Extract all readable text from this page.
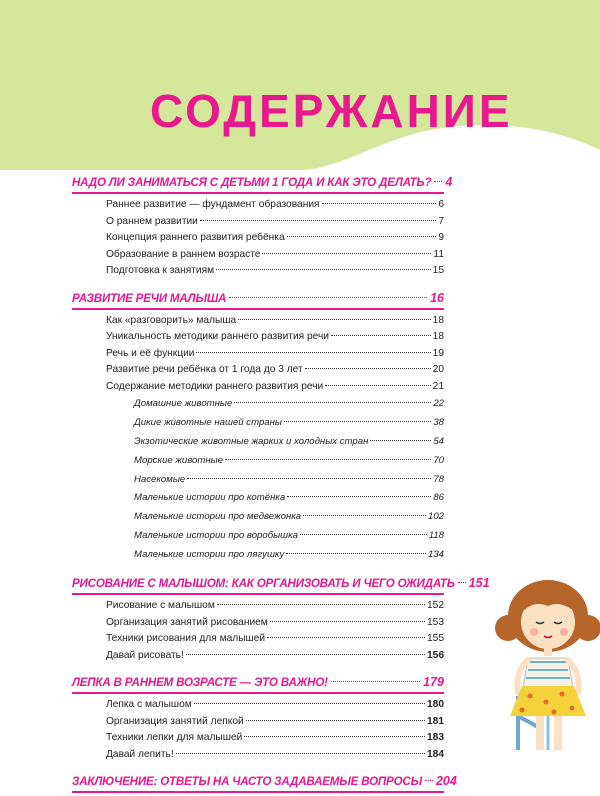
СОДЕРЖАНИЕ
НАДО ЛИ ЗАНИМАТЬСЯ С ДЕТЬМИ 1 ГОДА И КАК ЭТО ДЕЛАТЬ? 4
Раннее развитие — фундамент образования	6
О раннем развитии	7
Концепция раннего развития ребёнка	9
Образование в раннем возрасте	11
Подготовка к занятиям	15
РАЗВИТИЕ РЕЧИ МАЛЫША	16
Как «разговорить» малыша	18
Уникальность методики раннего развития речи	18
Речь и её функции	19
Развитие речи ребёнка от 1 года до 3 лет	20
Содержание методики раннего развития речи	21
Домашние животные	22
Дикие животные нашей страны	38
Экзотические животные жарких и холодных стран	54
Морские животные	70
Насекомые	78
Маленькие истории про котёнка	86
Маленькие истории про медвежонка	102
Маленькие истории про воробышка	118
Маленькие истории про лягушку	134
РИСОВАНИЕ С МАЛЫШОМ: КАК ОРГАНИЗОВАТЬ И ЧЕГО ОЖИДАТЬ 151
Рисование с малышом	152
Организация занятий рисованием	153
Техники рисования для малышей	155
Давай рисовать!	156
ЛЕПКА В РАННЕМ ВОЗРАСТЕ — ЭТО ВАЖНО!	179
Лепка с малышом	180
Организация занятий лепкой	181
Техники лепки для малышей	183
Давай лепить!	184
ЗАКЛЮЧЕНИЕ: ОТВЕТЫ НА ЧАСТО ЗАДАВАЕМЫЕ ВОПРОСЫ 204
